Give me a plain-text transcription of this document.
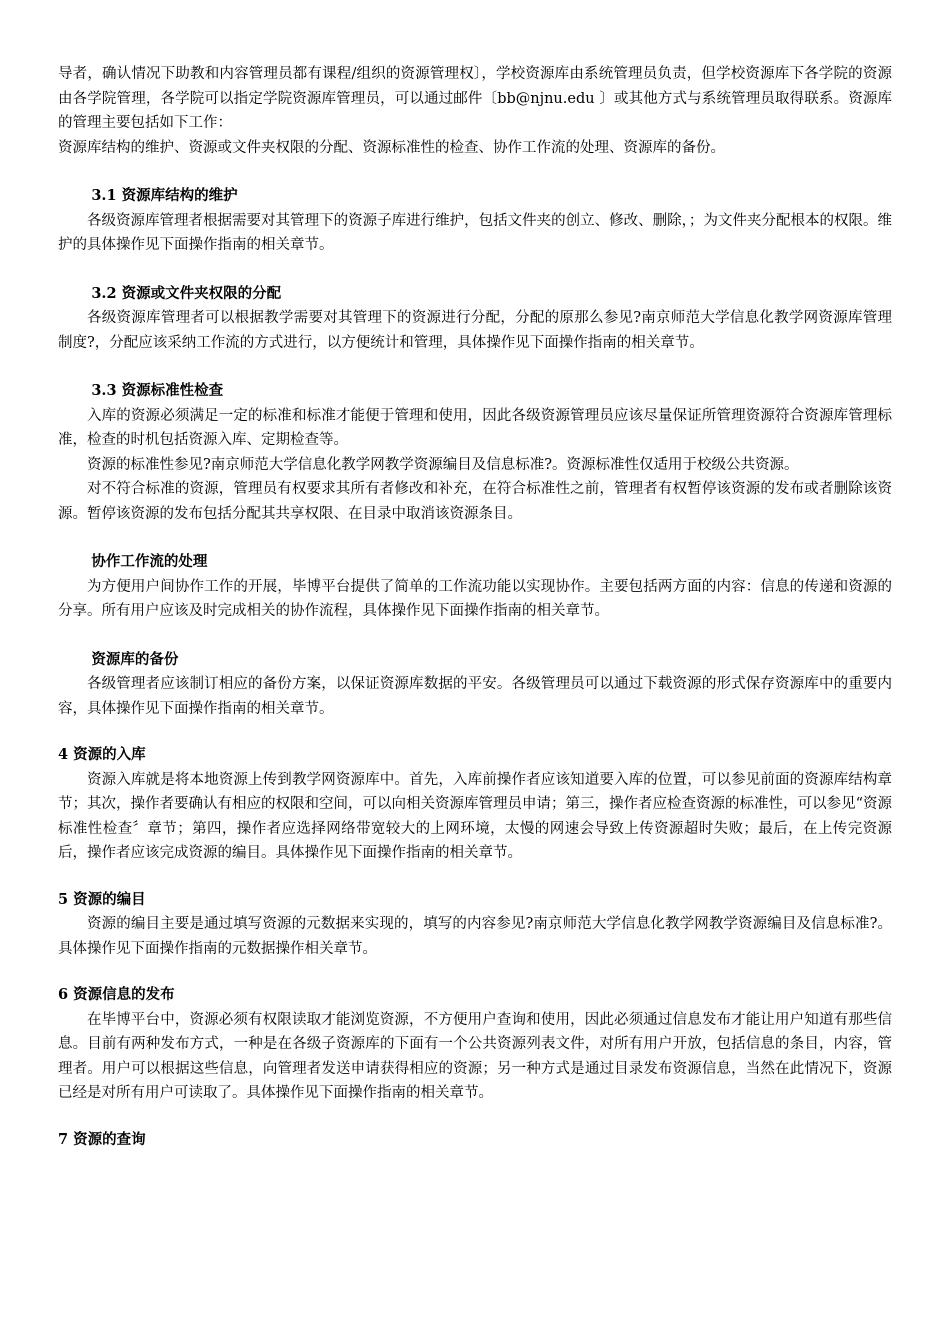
导者，确认情况下助教和内容管理员都有课程/组织的资源管理权〕，学校资源库由系统管理员负责，但学校资源库下各学院的资源由各学院管理，各学院可以指定学院资源库管理员，可以通过邮件〔bb@njnu.edu 〕或其他方式与系统管理员取得联系。资源库的管理主要包括如下工作：

资源库结构的维护、资源或文件夹权限的分配、资源标准性的检查、协作工作流的处理、资源库的备份。

3.1 资源库结构的维护

各级资源库管理者根据需要对其管理下的资源子库进行维护，包括文件夹的创立、修改、删除，；为文件夹分配根本的权限。维护的具体操作见下面操作指南的相关章节。

3.2 资源或文件夹权限的分配

各级资源库管理者可以根据教学需要对其管理下的资源进行分配，分配的原那么参见?南京师范大学信息化教学网资源库管理制度?，分配应该采纳工作流的方式进行，以方便统计和管理，具体操作见下面操作指南的相关章节。

3.3 资源标准性检查

入库的资源必须满足一定的标准和标准才能便于管理和使用，因此各级资源管理员应该尽量保证所管理资源符合资源库管理标准，检查的时机包括资源入库、定期检查等。

资源的标准性参见?南京师范大学信息化教学网教学资源编目及信息标准?。资源标准性仅适用于校级公共资源。

对不符合标准的资源，管理员有权要求其所有者修改和补充，在符合标准性之前，管理者有权暂停该资源的发布或者删除该资源。暂停该资源的发布包括分配其共享权限、在目录中取消该资源条目。

协作工作流的处理

为方便用户间协作工作的开展，毕博平台提供了简单的工作流功能以实现协作。主要包括两方面的内容：信息的传递和资源的分享。所有用户应该及时完成相关的协作流程，具体操作见下面操作指南的相关章节。

资源库的备份

各级管理者应该制订相应的备份方案，以保证资源库数据的平安。各级管理员可以通过下载资源的形式保存资源库中的重要内容，具体操作见下面操作指南的相关章节。

4 资源的入库

资源入库就是将本地资源上传到教学网资源库中。首先，入库前操作者应该知道要入库的位置，可以参见前面的资源库结构章节；其次，操作者要确认有相应的权限和空间，可以向相关资源库管理员申请；第三，操作者应检查资源的标准性，可以参见“资源标准性检查〞章节；第四，操作者应选择网络带宽较大的上网环境，太慢的网速会导致上传资源超时失败；最后，在上传完资源后，操作者应该完成资源的编目。具体操作见下面操作指南的相关章节。

5 资源的编目

资源的编目主要是通过填写资源的元数据来实现的，填写的内容参见?南京师范大学信息化教学网教学资源编目及信息标准?。具体操作见下面操作指南的元数据操作相关章节。

6 资源信息的发布

在毕博平台中，资源必须有权限读取才能浏览资源，不方便用户查询和使用，因此必须通过信息发布才能让用户知道有那些信息。目前有两种发布方式，一种是在各级子资源库的下面有一个公共资源列表文件，对所有用户开放，包括信息的条目，内容，管理者。用户可以根据这些信息，向管理者发送申请获得相应的资源；另一种方式是通过目录发布资源信息，当然在此情况下，资源已经是对所有用户可读取了。具体操作见下面操作指南的相关章节。

7 资源的查询
